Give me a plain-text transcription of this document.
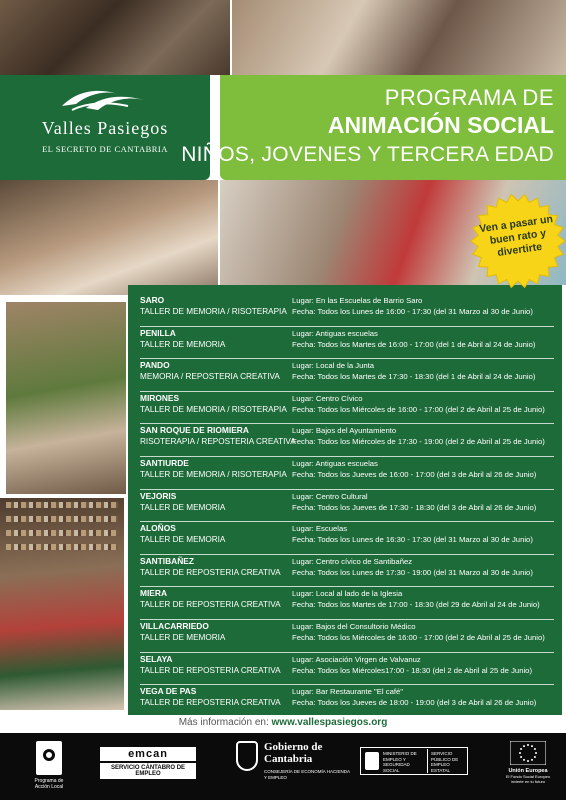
Valles Pasiegos
EL SECRETO DE CANTABRIA
PROGRAMA DE
ANIMACIÓN SOCIAL
NIÑOS, JOVENES Y TERCERA EDAD
SARO
TALLER DE MEMORIA / RISOTERAPIA
Lugar: En las Escuelas de Barrio Saro
Fecha: Todos los Lunes de 16:00 - 17:30 (del 31 Marzo al 30 de Junio)
PENILLA
TALLER DE MEMORIA
Lugar: Antiguas escuelas
Fecha: Todos los Martes de 16:00 - 17:00 (del 1 de Abril al 24 de Junio)
PANDO
MEMORIA / REPOSTERIA CREATIVA
Lugar: Local de la Junta
Fecha: Todos los Martes de 17:30 - 18:30 (del 1 de Abril al 24 de Junio)
MIRONES
TALLER DE MEMORIA / RISOTERAPIA
Lugar: Centro Cívico
Fecha: Todos los Miércoles de 16:00 - 17:00 (del 2 de Abril al 25 de Junio)
SAN ROQUE DE RIOMIERA
RISOTERAPIA / REPOSTERIA CREATIVA
Lugar: Bajos del Ayuntamiento
Fecha: Todos los Miércoles de 17:30 - 19:00 (del 2 de Abril al 25 de Junio)
SANTIURDE
TALLER DE MEMORIA / RISOTERAPIA
Lugar: Antiguas escuelas
Fecha: Todos los Jueves de 16:00 - 17:00 (del 3 de Abril al 26 de Junio)
VEJORIS
TALLER DE MEMORIA
Lugar: Centro Cultural
Fecha: Todos los Jueves de 17:30 - 18:30 (del 3 de Abril al 26 de Junio)
ALOÑOS
TALLER DE MEMORIA
Lugar: Escuelas
Fecha: Todos los Lunes de 16:30 - 17:30 (del 31 Marzo al 30 de Junio)
SANTIBAÑEZ
TALLER DE REPOSTERIA CREATIVA
Lugar: Centro cívico de Santibañez
Fecha: Todos los Lunes de 17:30 - 19:00 (del 31 Marzo al 30 de Junio)
MIERA
TALLER DE REPOSTERIA CREATIVA
Lugar: Local al lado de la Iglesia
Fecha: Todos los Martes de 17:00 - 18:30 (del 29 de Abril al 24 de Junio)
VILLACARRIEDO
TALLER DE MEMORIA
Lugar: Bajos del Consultorio Médico
Fecha: Todos los Miércoles de 16:00 - 17:00 (del 2 de Abril al 25 de Junio)
SELAYA
TALLER DE REPOSTERIA CREATIVA
Lugar: Asociación Virgen de Valvanuz
Fecha: Todos los Miércoles17:00 - 18:30 (del 2 de Abril al 25 de Junio)
VEGA DE PAS
TALLER DE REPOSTERIA CREATIVA
Lugar: Bar Restaurante "El café"
Fecha: Todos los Jueves de 18:00 - 19:00 (del 3 de Abril al 26 de Junio)
Ven a pasar un buen rato y divertirte
Más información en: www.vallespasiegos.org
Programa de Acción Local
emcan
SERVICIO CÁNTABRO DE EMPLEO
Gobierno de Cantabria
CONSEJERÍA DE ECONOMÍA HACIENDA Y EMPLEO
MINISTERIO DE EMPLEO Y SEGURIDAD SOCIAL
SERVICIO PÚBLICO DE EMPLEO ESTATAL	Unión Europea
El Fondo Social Europeo invierte en tu futuro
